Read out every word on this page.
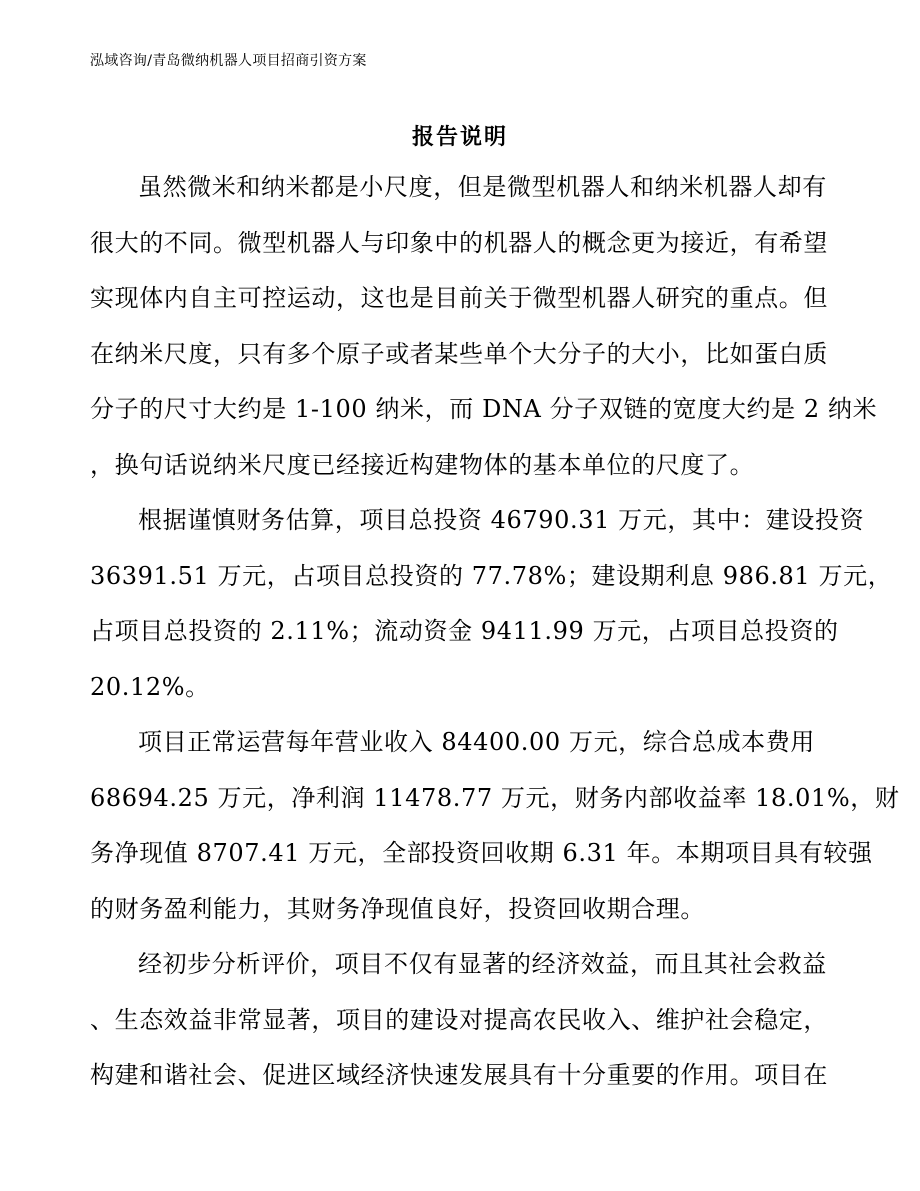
泓域咨询/青岛微纳机器人项目招商引资方案
报告说明

虽然微米和纳米都是小尺度，但是微型机器人和纳米机器人却有
很大的不同。微型机器人与印象中的机器人的概念更为接近，有希望
实现体内自主可控运动，这也是目前关于微型机器人研究的重点。但
在纳米尺度，只有多个原子或者某些单个大分子的大小，比如蛋白质
分子的尺寸大约是 1-100 纳米，而 DNA 分子双链的宽度大约是 2 纳米
，换句话说纳米尺度已经接近构建物体的基本单位的尺度了。

根据谨慎财务估算，项目总投资 46790.31 万元，其中：建设投资
36391.51 万元，占项目总投资的 77.78%；建设期利息 986.81 万元，
占项目总投资的 2.11%；流动资金 9411.99 万元，占项目总投资的
20.12%。

项目正常运营每年营业收入 84400.00 万元，综合总成本费用
68694.25 万元，净利润 11478.77 万元，财务内部收益率 18.01%，财
务净现值 8707.41 万元，全部投资回收期 6.31 年。本期项目具有较强
的财务盈利能力，其财务净现值良好，投资回收期合理。

经初步分析评价，项目不仅有显著的经济效益，而且其社会救益
、生态效益非常显著，项目的建设对提高农民收入、维护社会稳定，
构建和谐社会、促进区域经济快速发展具有十分重要的作用。项目在
